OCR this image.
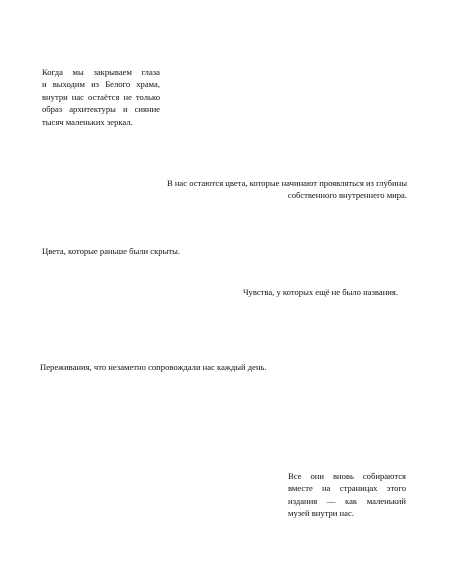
Когда мы закрываем глаза
и выходим из Белого храма,
внутри нас остаётся не только
образ архитектуры и сияние
тысяч маленьких зеркал.

В нас остаются цвета, которые начинают проявляться из глубины
собственного внутреннего мира.

Цвета, которые раньше были скрыты.

Чувства, у которых ещё не было названия.

Переживания, что незаметно сопровождали нас каждый день.

Все они вновь собираются
вместе на страницах этого
издания — как маленький
музей внутри нас.
